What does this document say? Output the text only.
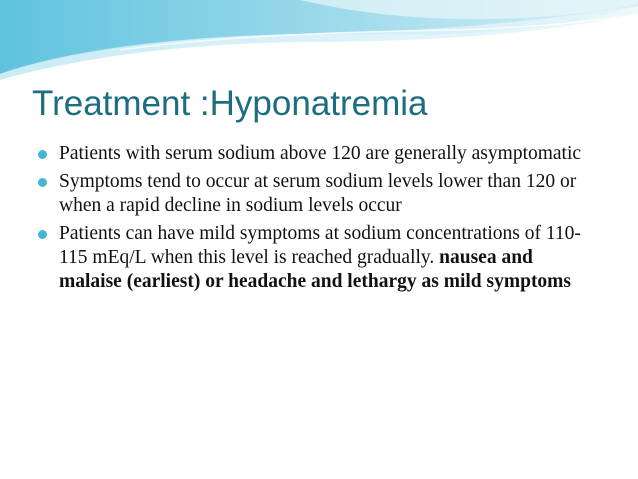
Treatment :Hyponatremia
Patients with serum sodium above 120 are generally asymptomatic
Symptoms tend to occur at serum sodium levels lower than 120 or when a rapid decline in sodium levels occur
Patients can have mild symptoms at sodium concentrations of 110-115 mEq/L when this level is reached gradually. nausea and malaise (earliest) or headache and lethargy as mild symptoms
